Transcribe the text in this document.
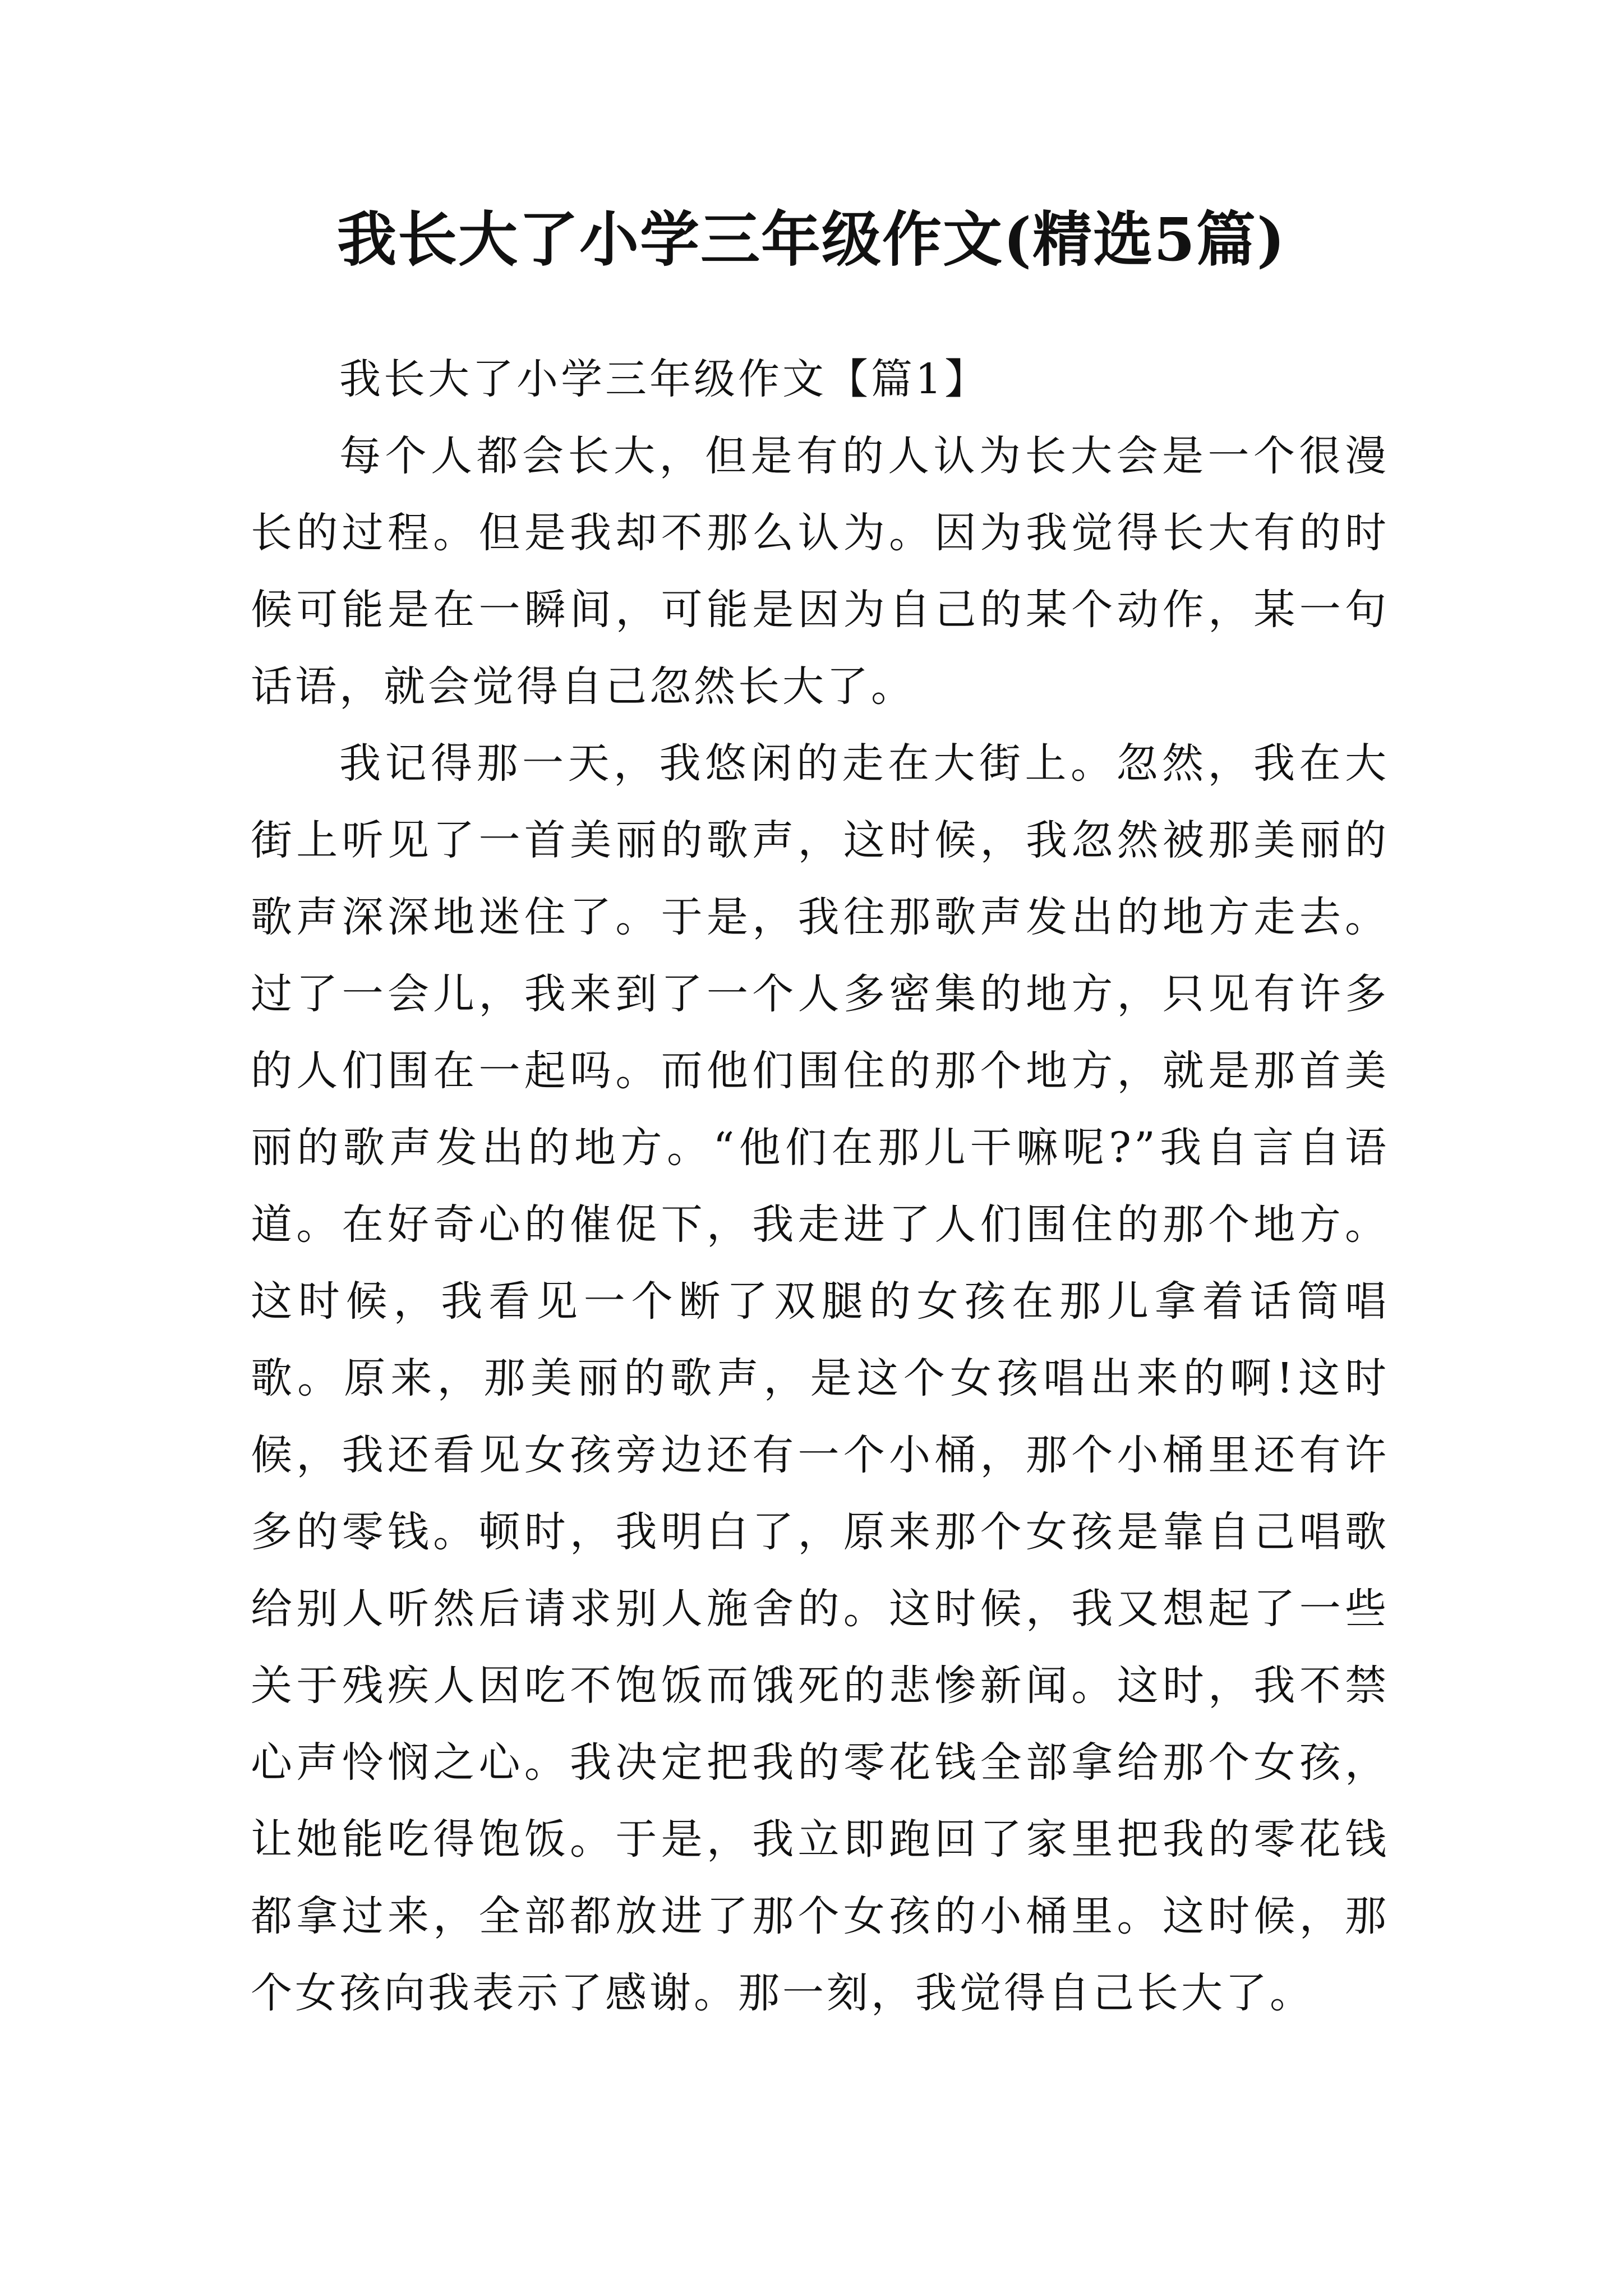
我长大了小学三年级作文(精选5篇)

我长大了小学三年级作文【篇1】

每个人都会长大，但是有的人认为长大会是一个很漫长的过程。但是我却不那么认为。因为我觉得长大有的时候可能是在一瞬间，可能是因为自己的某个动作，某一句话语，就会觉得自己忽然长大了。

我记得那一天，我悠闲的走在大街上。忽然，我在大街上听见了一首美丽的歌声，这时候，我忽然被那美丽的歌声深深地迷住了。于是，我往那歌声发出的地方走去。过了一会儿，我来到了一个人多密集的地方，只见有许多的人们围在一起吗。而他们围住的那个地方，就是那首美丽的歌声发出的地方。“他们在那儿干嘛呢?”我自言自语道。在好奇心的催促下，我走进了人们围住的那个地方。这时候，我看见一个断了双腿的女孩在那儿拿着话筒唱歌。原来，那美丽的歌声，是这个女孩唱出来的啊!这时候，我还看见女孩旁边还有一个小桶，那个小桶里还有许多的零钱。顿时，我明白了，原来那个女孩是靠自己唱歌给别人听然后请求别人施舍的。这时候，我又想起了一些关于残疾人因吃不饱饭而饿死的悲惨新闻。这时，我不禁心声怜悯之心。我决定把我的零花钱全部拿给那个女孩，让她能吃得饱饭。于是，我立即跑回了家里把我的零花钱都拿过来，全部都放进了那个女孩的小桶里。这时候，那个女孩向我表示了感谢。那一刻，我觉得自己长大了。
